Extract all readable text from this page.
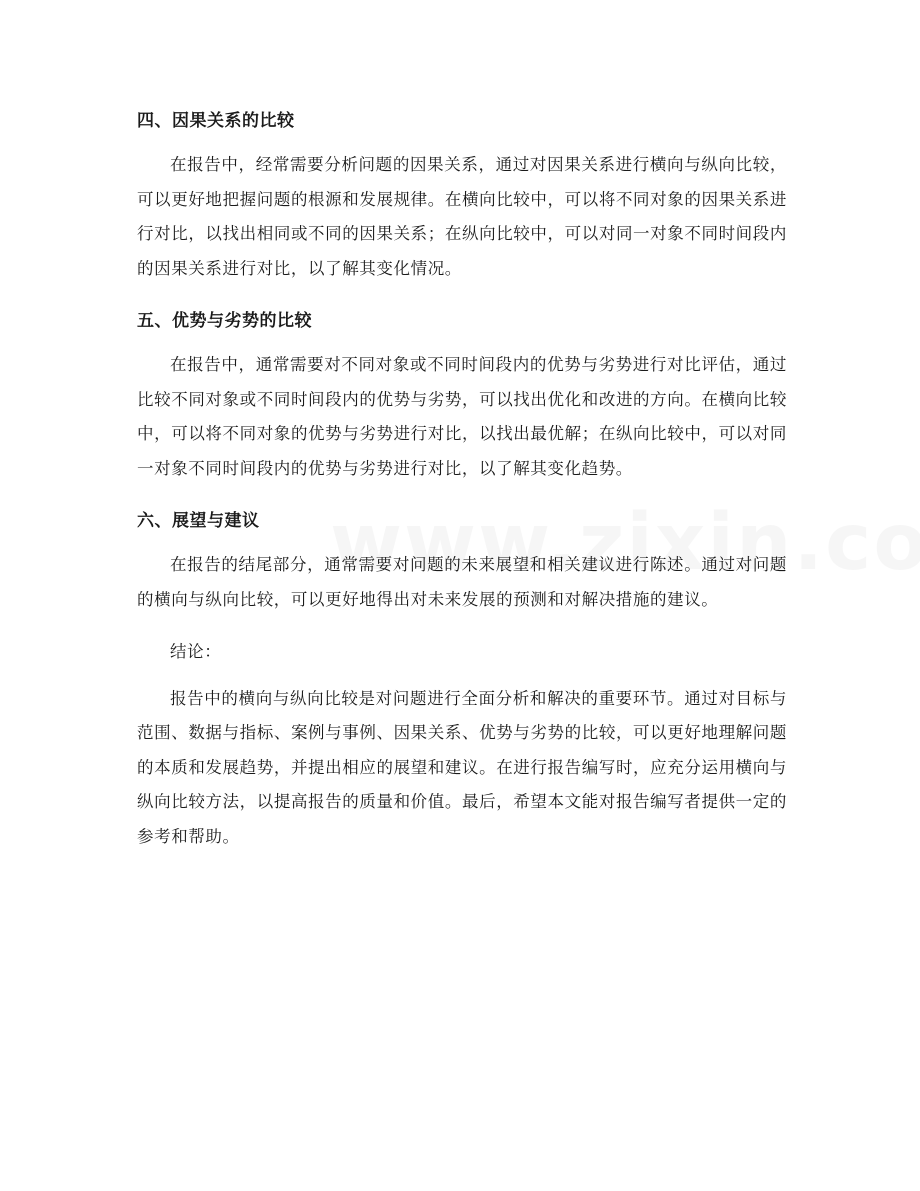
四、因果关系的比较

在报告中，经常需要分析问题的因果关系，通过对因果关系进行横向与纵向比较，可以更好地把握问题的根源和发展规律。在横向比较中，可以将不同对象的因果关系进行对比，以找出相同或不同的因果关系；在纵向比较中，可以对同一对象不同时间段内的因果关系进行对比，以了解其变化情况。

五、优势与劣势的比较

在报告中，通常需要对不同对象或不同时间段内的优势与劣势进行对比评估，通过比较不同对象或不同时间段内的优势与劣势，可以找出优化和改进的方向。在横向比较中，可以将不同对象的优势与劣势进行对比，以找出最优解；在纵向比较中，可以对同一对象不同时间段内的优势与劣势进行对比，以了解其变化趋势。

六、展望与建议

在报告的结尾部分，通常需要对问题的未来展望和相关建议进行陈述。通过对问题的横向与纵向比较，可以更好地得出对未来发展的预测和对解决措施的建议。

结论：

报告中的横向与纵向比较是对问题进行全面分析和解决的重要环节。通过对目标与范围、数据与指标、案例与事例、因果关系、优势与劣势的比较，可以更好地理解问题的本质和发展趋势，并提出相应的展望和建议。在进行报告编写时，应充分运用横向与纵向比较方法，以提高报告的质量和价值。最后，希望本文能对报告编写者提供一定的参考和帮助。
